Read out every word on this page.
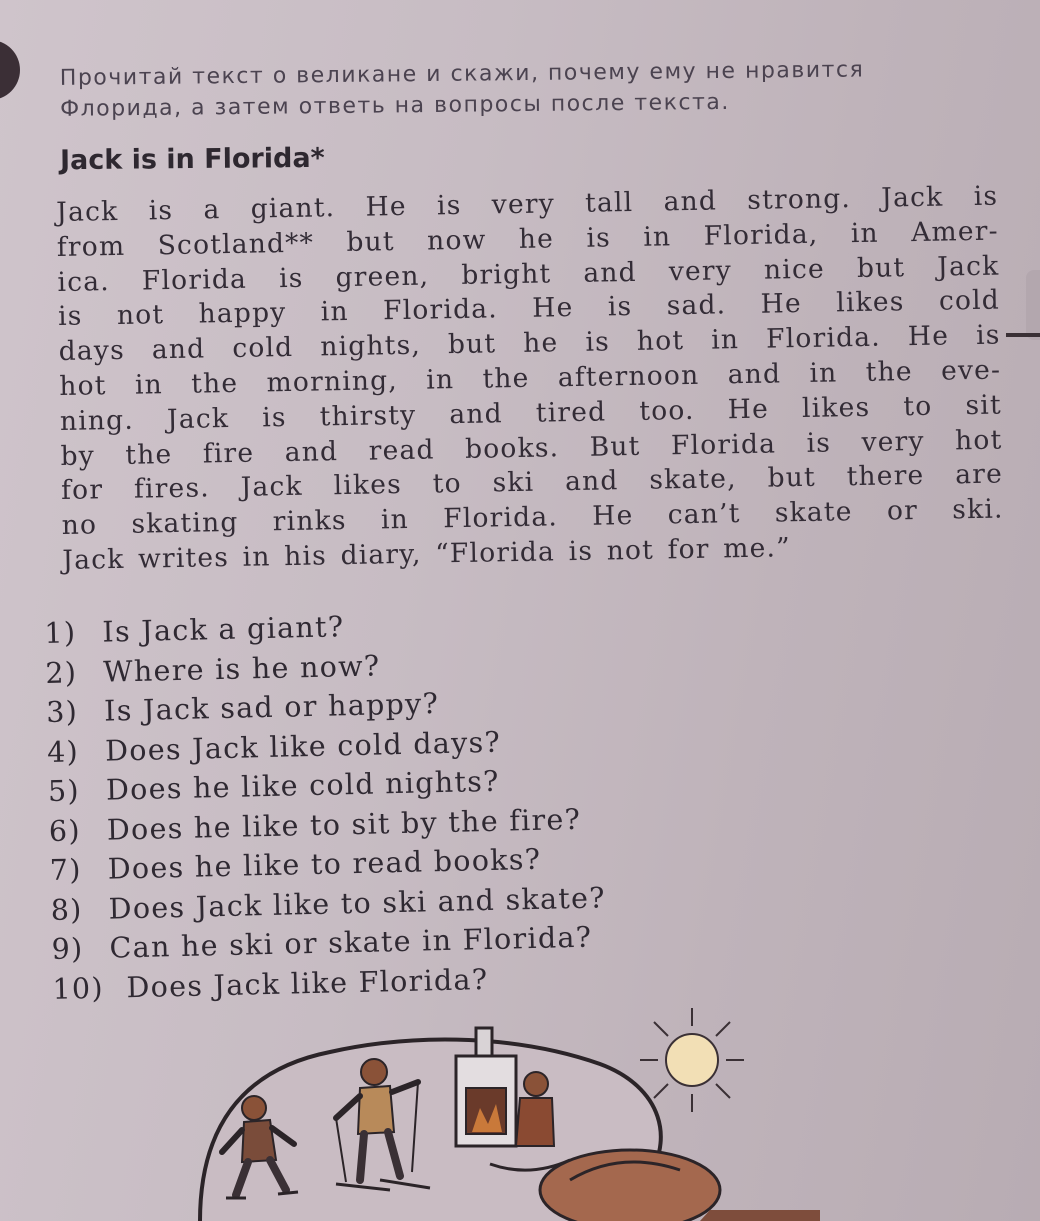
Прочитай текст о великане и скажи, почему ему не нравится Флорида, а затем ответь на вопросы после текста.
Jack is in Florida*
Jack is a giant. He is very tall and strong. Jack is
from Scotland** but now he is in Florida, in Amer-
ica. Florida is green, bright and very nice but Jack
is not happy in Florida. He is sad. He likes cold
days and cold nights, but he is hot in Florida. He is
hot in the morning, in the afternoon and in the eve-
ning. Jack is thirsty and tired too. He likes to sit
by the fire and read books. But Florida is very hot
for fires. Jack likes to ski and skate, but there are
no skating rinks in Florida. He can’t skate or ski.
Jack writes in his diary, “Florida is not for me.”
1) Is Jack a giant?
2) Where is he now?
3) Is Jack sad or happy?
4) Does Jack like cold days?
5) Does he like cold nights?
6) Does he like to sit by the fire?
7) Does he like to read books?
8) Does Jack like to ski and skate?
9) Can he ski or skate in Florida?
10) Does Jack like Florida?
